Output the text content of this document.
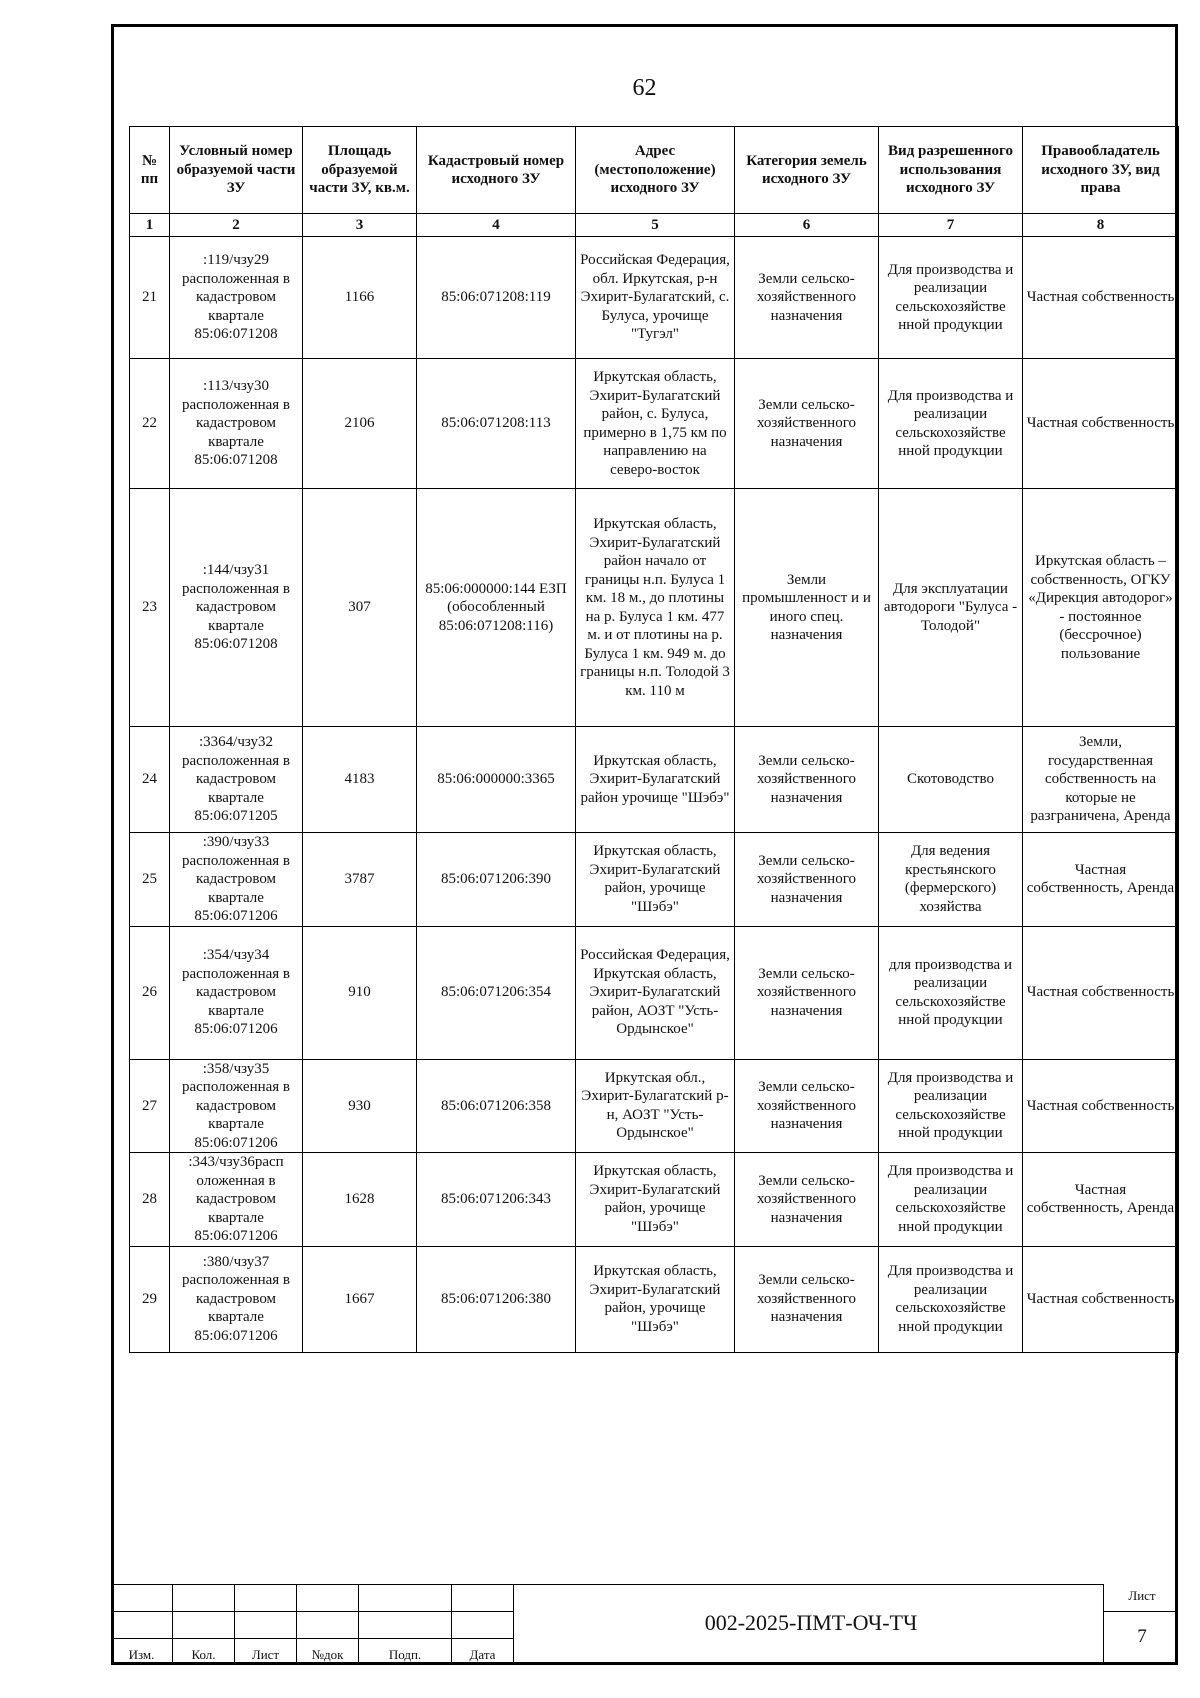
62
№ пп	Условный номер образуемой части ЗУ	Площадь образуемой части ЗУ, кв.м.	Кадастровый номер исходного ЗУ	Адрес (местоположение) исходного ЗУ	Категория земель исходного ЗУ	Вид разрешенного использования исходного ЗУ	Правообладатель исходного ЗУ, вид права
1	2	3	4	5	6	7	8
21	:119/чзу29 расположенная в кадастровом квартале 85:06:071208	1166	85:06:071208:119	Российская Федерация, обл. Иркутская, р-н Эхирит-Булагатский, с. Булуса, урочище "Тугэл"	Земли сельско-хозяйственного назначения	Для производства и реализации сельскохозяйстве нной продукции	Частная собственность
22	:113/чзу30 расположенная в кадастровом квартале 85:06:071208	2106	85:06:071208:113	Иркутская область, Эхирит-Булагатский район, с. Булуса, примерно в 1,75 км по направлению на северо-восток	Земли сельско-хозяйственного назначения	Для производства и реализации сельскохозяйстве нной продукции	Частная собственность
23	:144/чзу31 расположенная в кадастровом квартале 85:06:071208	307	85:06:000000:144 ЕЗП (обособленный 85:06:071208:116)	Иркутская область, Эхирит-Булагатский район начало от границы н.п. Булуса 1 км. 18 м., до плотины на р. Булуса 1 км. 477 м. и от плотины на р. Булуса 1 км. 949 м. до границы н.п. Толодой 3 км. 110 м	Земли промышленност и и иного спец. назначения	Для эксплуатации автодороги "Булуса - Толодой"	Иркутская область – собственность, ОГКУ «Дирекция автодорог» - постоянное (бессрочное) пользование
24	:3364/чзу32 расположенная в кадастровом квартале 85:06:071205	4183	85:06:000000:3365	Иркутская область, Эхирит-Булагатский район урочище "Шэбэ"	Земли сельско-хозяйственного назначения	Скотоводство	Земли, государственная собственность на которые не разграничена, Аренда
25	:390/чзу33 расположенная в кадастровом квартале 85:06:071206	3787	85:06:071206:390	Иркутская область, Эхирит-Булагатский район, урочище "Шэбэ"	Земли сельско-хозяйственного назначения	Для ведения крестьянского (фермерского) хозяйства	Частная собственность, Аренда
26	:354/чзу34 расположенная в кадастровом квартале 85:06:071206	910	85:06:071206:354	Российская Федерация, Иркутская область, Эхирит-Булагатский район, АОЗТ "Усть-Ордынское"	Земли сельско-хозяйственного назначения	для производства и реализации сельскохозяйстве нной продукции	Частная собственность
27	:358/чзу35 расположенная в кадастровом квартале 85:06:071206	930	85:06:071206:358	Иркутская обл., Эхирит-Булагатский р-н, АОЗТ "Усть-Ордынское"	Земли сельско-хозяйственного назначения	Для производства и реализации сельскохозяйстве нной продукции	Частная собственность
28	:343/чзу36расп оложенная в кадастровом квартале 85:06:071206	1628	85:06:071206:343	Иркутская область, Эхирит-Булагатский район, урочище "Шэбэ"	Земли сельско-хозяйственного назначения	Для производства и реализации сельскохозяйстве нной продукции	Частная собственность, Аренда
29	:380/чзу37 расположенная в кадастровом квартале 85:06:071206	1667	85:06:071206:380	Иркутская область, Эхирит-Булагатский район, урочище "Шэбэ"	Земли сельско-хозяйственного назначения	Для производства и реализации сельскохозяйстве нной продукции	Частная собственность
Изм.	Кол.	Лист	№док	Подп.	Дата
002-2025-ПМТ-ОЧ-ТЧ
Лист
7
